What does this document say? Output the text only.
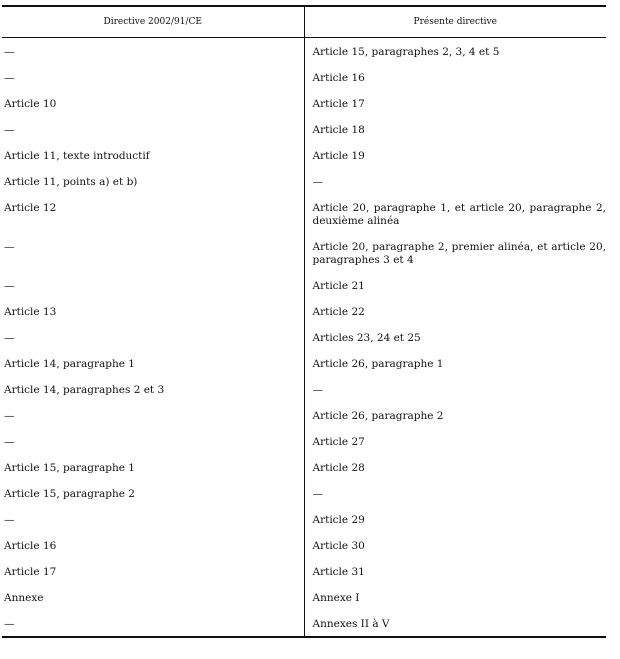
Directive 2002/91/CE	Présente directive
—	Article 15, paragraphes 2, 3, 4 et 5
—	Article 16
Article 10	Article 17
—	Article 18
Article 11, texte introductif	Article 19
Article 11, points a) et b)	—
Article 12	Article 20, paragraphe 1, et article 20, paragraphe 2, deuxième alinéa
—	Article 20, paragraphe 2, premier alinéa, et article 20, paragraphes 3 et 4
—	Article 21
Article 13	Article 22
—	Articles 23, 24 et 25
Article 14, paragraphe 1	Article 26, paragraphe 1
Article 14, paragraphes 2 et 3	—
—	Article 26, paragraphe 2
—	Article 27
Article 15, paragraphe 1	Article 28
Article 15, paragraphe 2	—
—	Article 29
Article 16	Article 30
Article 17	Article 31
Annexe	Annexe I
—	Annexes II à V
